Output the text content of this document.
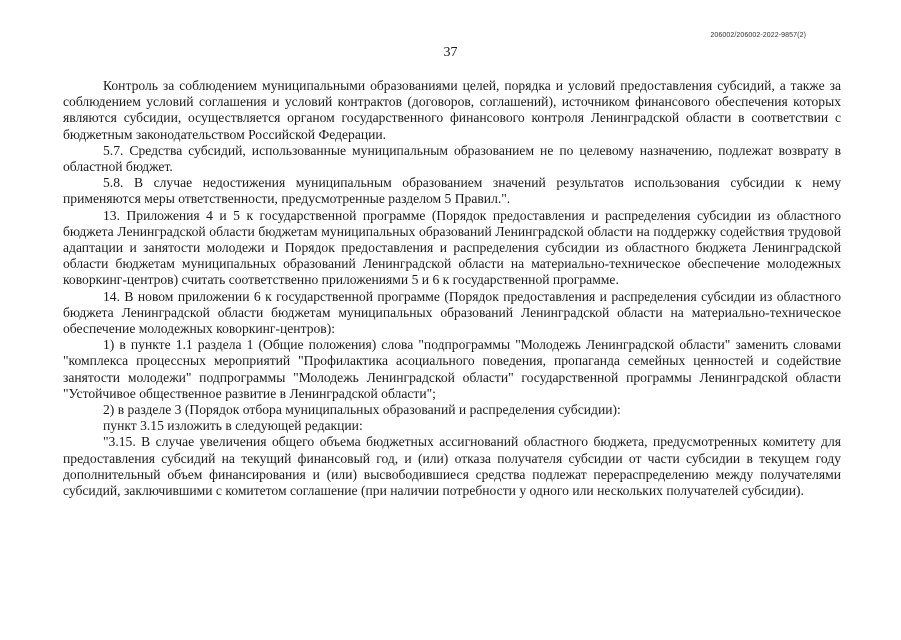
206002/206002-2022-9857(2)
37

Контроль за соблюдением муниципальными образованиями целей, порядка и условий предоставления субсидий, а также за соблюдением условий соглашения и условий контрактов (договоров, соглашений), источником финансового обеспечения которых являются субсидии, осуществляется органом государственного финансового контроля Ленинградской области в соответствии с бюджетным законодательством Российской Федерации.

5.7. Средства субсидий, использованные муниципальным образованием не по целевому назначению, подлежат возврату в областной бюджет.

5.8. В случае недостижения муниципальным образованием значений результатов использования субсидии к нему применяются меры ответственности, предусмотренные разделом 5 Правил.".

13. Приложения 4 и 5 к государственной программе (Порядок предоставления и распределения субсидии из областного бюджета Ленинградской области бюджетам муниципальных образований Ленинградской области на поддержку содействия трудовой адаптации и занятости молодежи и Порядок предоставления и распределения субсидии из областного бюджета Ленинградской области бюджетам муниципальных образований Ленинградской области на материально-техническое обеспечение молодежных коворкинг-центров) считать соответственно приложениями 5 и 6 к государственной программе.

14. В новом приложении 6 к государственной программе (Порядок предоставления и распределения субсидии из областного бюджета Ленинградской области бюджетам муниципальных образований Ленинградской области на материально-техническое обеспечение молодежных коворкинг-центров):

1) в пункте 1.1 раздела 1 (Общие положения) слова "подпрограммы "Молодежь Ленинградской области" заменить словами "комплекса процессных мероприятий "Профилактика асоциального поведения, пропаганда семейных ценностей и содействие занятости молодежи" подпрограммы "Молодежь Ленинградской области" государственной программы Ленинградской области "Устойчивое общественное развитие в Ленинградской области";

2) в разделе 3 (Порядок отбора муниципальных образований и распределения субсидии):

пункт 3.15 изложить в следующей редакции:

"3.15. В случае увеличения общего объема бюджетных ассигнований областного бюджета, предусмотренных комитету для предоставления субсидий на текущий финансовый год, и (или) отказа получателя субсидии от части субсидии в текущем году дополнительный объем финансирования и (или) высвободившиеся средства подлежат перераспределению между получателями субсидий, заключившими с комитетом соглашение (при наличии потребности у одного или нескольких получателей субсидии).
